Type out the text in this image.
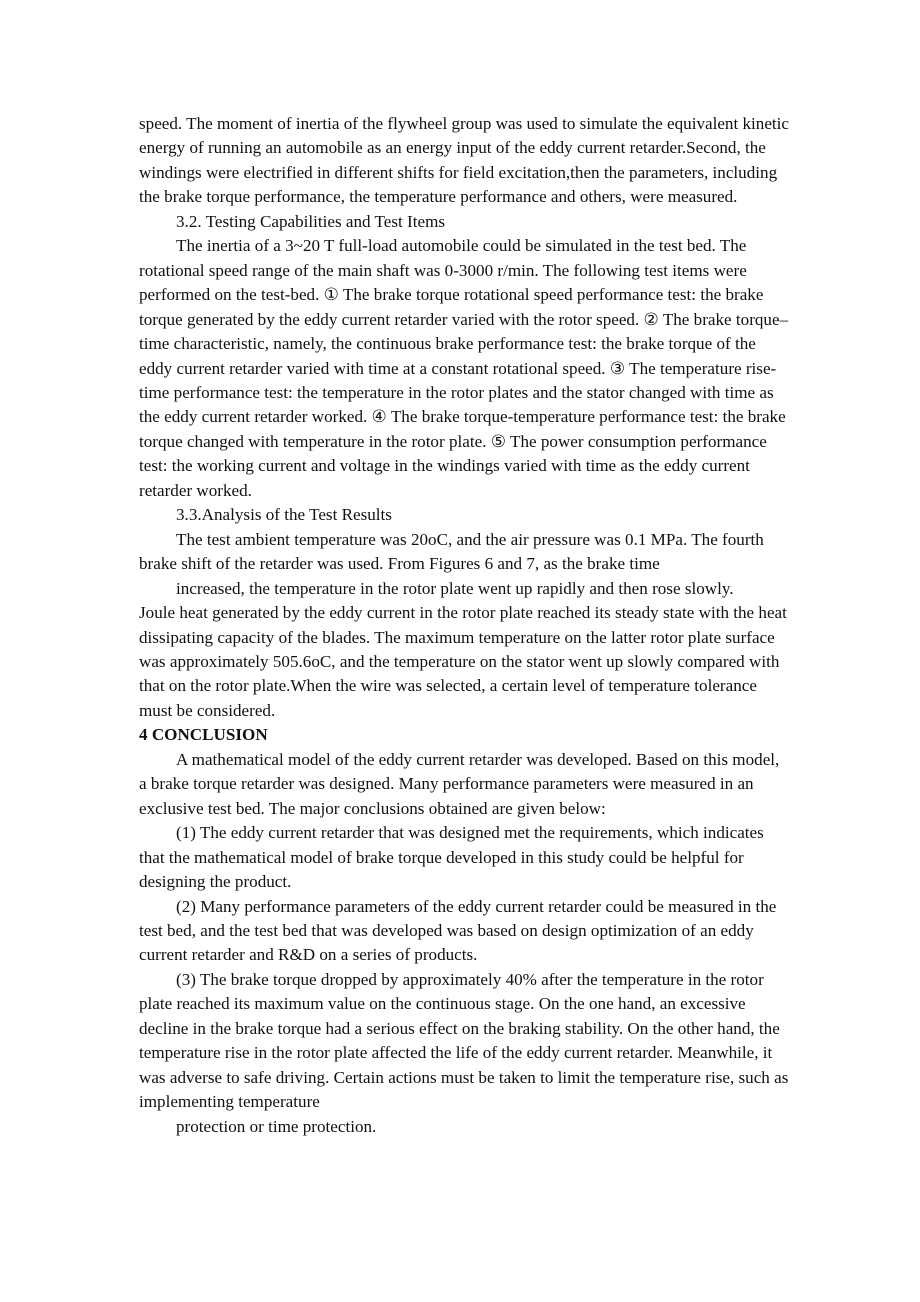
speed. The moment of inertia of the flywheel group was used to simulate the equivalent kinetic energy of running an automobile as an energy input of the eddy current retarder.Second, the windings were electrified in different shifts for field excitation,then the parameters, including the brake torque performance, the temperature performance and others, were measured.

3.2. Testing Capabilities and Test Items

The inertia of a 3~20 T full-load automobile could be simulated in the test bed. The rotational speed range of the main shaft was 0-3000 r/min. The following test items were performed on the test-bed. ① The brake torque rotational speed performance test: the brake torque generated by the eddy current retarder varied with the rotor speed. ② The brake torque–time characteristic, namely, the continuous brake performance test: the brake torque of the eddy current retarder varied with time at a constant rotational speed. ③ The temperature rise-time performance test: the temperature in the rotor plates and the stator changed with time as the eddy current retarder worked. ④ The brake torque-temperature performance test: the brake torque changed with temperature in the rotor plate. ⑤ The power consumption performance test: the working current and voltage in the windings varied with time as the eddy current retarder worked.

3.3.Analysis of the Test Results

The test ambient temperature was 20oC, and the air pressure was 0.1 MPa. The fourth brake shift of the retarder was used. From Figures 6 and 7, as the brake time

increased, the temperature in the rotor plate went up rapidly and then rose slowly.

Joule heat generated by the eddy current in the rotor plate reached its steady state with the heat dissipating capacity of the blades. The maximum temperature on the latter rotor plate surface was approximately 505.6oC, and the temperature on the stator went up slowly compared with that on the rotor plate.When the wire was selected, a certain level of temperature tolerance must be considered.

4 CONCLUSION

A mathematical model of the eddy current retarder was developed. Based on this model, a brake torque retarder was designed. Many performance parameters were measured in an exclusive test bed. The major conclusions obtained are given below:

(1) The eddy current retarder that was designed met the requirements, which indicates that the mathematical model of brake torque developed in this study could be helpful for designing the product.

(2) Many performance parameters of the eddy current retarder could be measured in the test bed, and the test bed that was developed was based on design optimization of an eddy current retarder and R&D on a series of products.

(3) The brake torque dropped by approximately 40% after the temperature in the rotor plate reached its maximum value on the continuous stage. On the one hand, an excessive decline in the brake torque had a serious effect on the braking stability. On the other hand, the temperature rise in the rotor plate affected the life of the eddy current retarder. Meanwhile, it was adverse to safe driving. Certain actions must be taken to limit the temperature rise, such as implementing temperature

protection or time protection.
